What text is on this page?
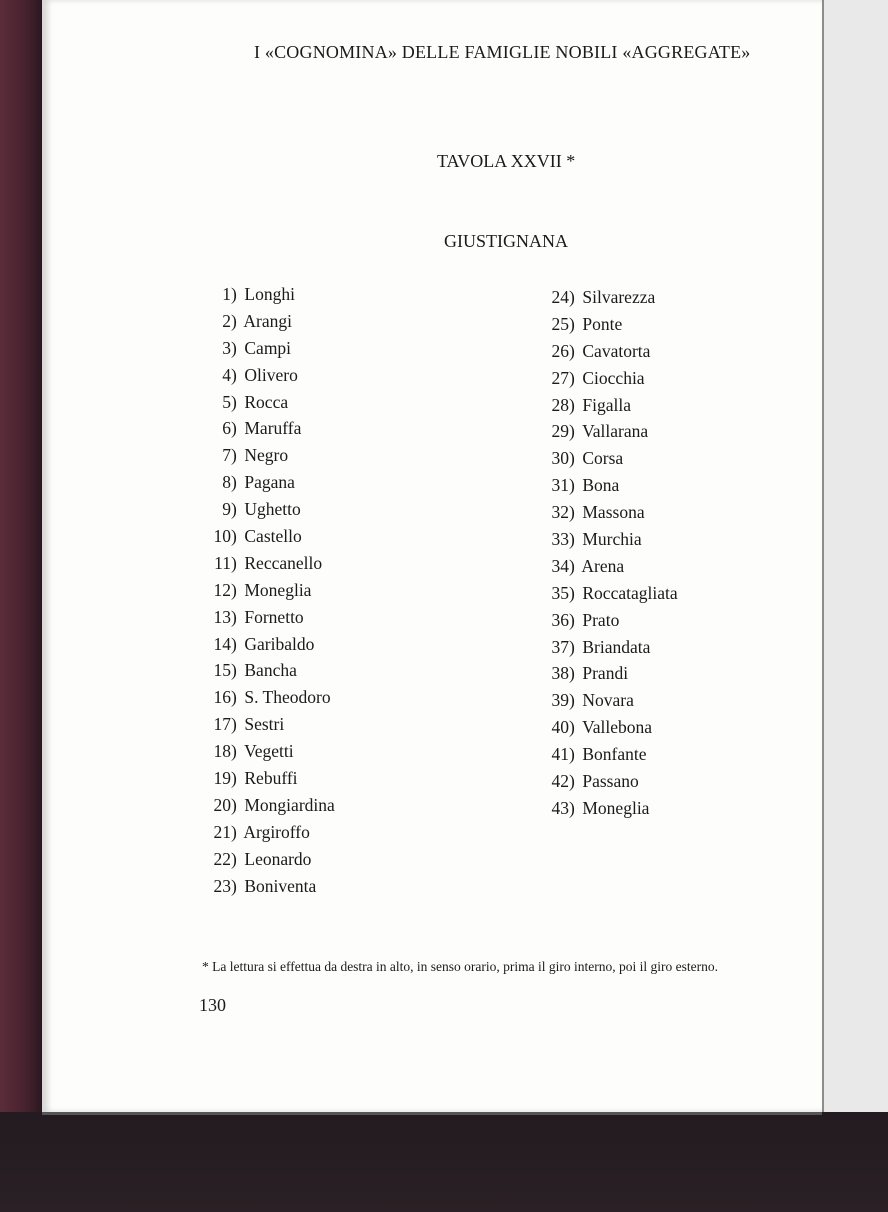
I «COGNOMINA» DELLE FAMIGLIE NOBILI «AGGREGATE»
TAVOLA XXVII *
GIUSTIGNANA
1) Longhi
2) Arangi
3) Campi
4) Olivero
5) Rocca
6) Maruffa
7) Negro
8) Pagana
9) Ughetto
10) Castello
11) Reccanello
12) Moneglia
13) Fornetto
14) Garibaldo
15) Bancha
16) S. Theodoro
17) Sestri
18) Vegetti
19) Rebuffi
20) Mongiardina
21) Argiroffo
22) Leonardo
23) Boniventa
24) Silvarezza
25) Ponte
26) Cavatorta
27) Ciocchia
28) Figalla
29) Vallarana
30) Corsa
31) Bona
32) Massona
33) Murchia
34) Arena
35) Roccatagliata
36) Prato
37) Briandata
38) Prandi
39) Novara
40) Vallebona
41) Bonfante
42) Passano
43) Moneglia
* La lettura si effettua da destra in alto, in senso orario, prima il giro interno, poi il giro esterno.
130
